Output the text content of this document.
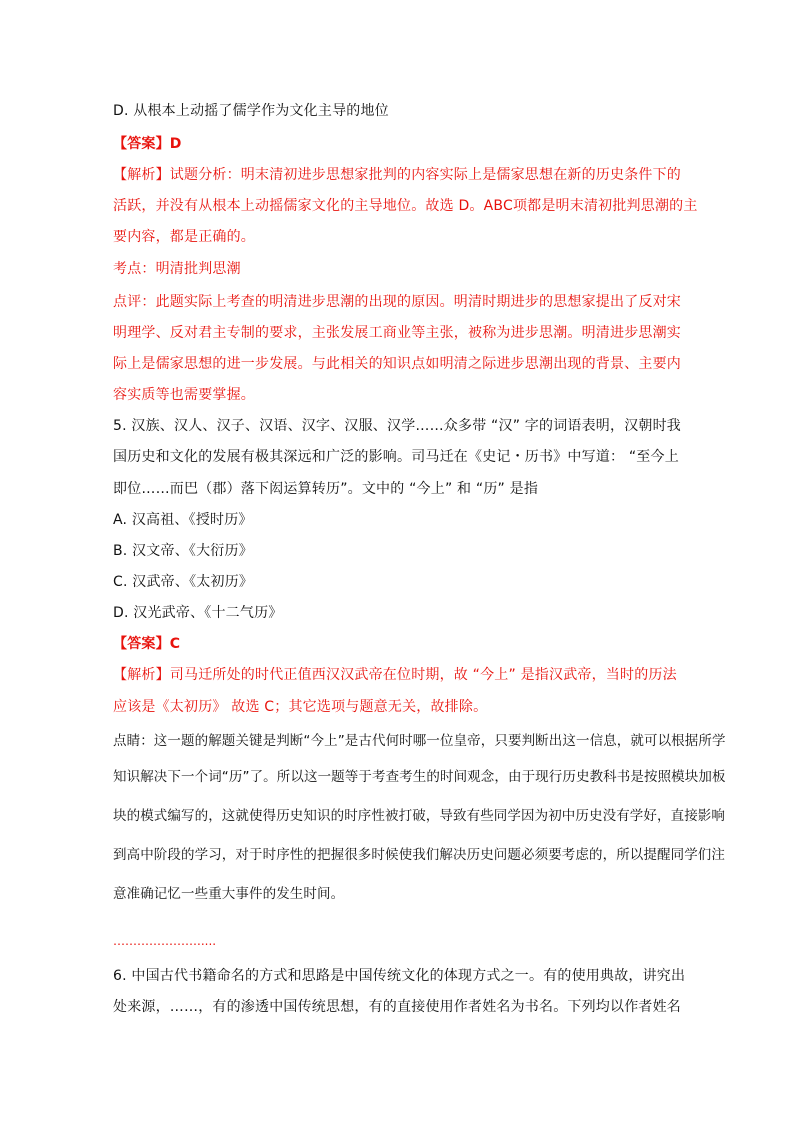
D. 从根本上动摇了儒学作为文化主导的地位
【答案】D
【解析】试题分析：明末清初进步思想家批判的内容实际上是儒家思想在新的历史条件下的
活跃，并没有从根本上动摇儒家文化的主导地位。故选 D。ABC项都是明末清初批判思潮的主
要内容，都是正确的。
考点：明清批判思潮
点评：此题实际上考查的明清进步思潮的出现的原因。明清时期进步的思想家提出了反对宋
明理学、反对君主专制的要求，主张发展工商业等主张，被称为进步思潮。明清进步思潮实
际上是儒家思想的进一步发展。与此相关的知识点如明清之际进步思潮出现的背景、主要内
容实质等也需要掌握。
5. 汉族、汉人、汉子、汉语、汉字、汉服、汉学……众多带 “汉” 字的词语表明，汉朝时我
国历史和文化的发展有极其深远和广泛的影响。司马迁在《史记・历书》中写道： “至今上
即位……而巴（郡）落下闳运算转历”。文中的 “今上” 和 “历” 是指
A. 汉高祖、《授时历》
B. 汉文帝、《大衍历》
C. 汉武帝、《太初历》
D. 汉光武帝、《十二气历》
【答案】C
【解析】司马迁所处的时代正值西汉汉武帝在位时期，故 “今上” 是指汉武帝，当时的历法
应该是《太初历》 故选 C；其它选项与题意无关，故排除。
点睛：这一题的解题关键是判断“今上”是古代何时哪一位皇帝，只要判断出这一信息，就可以根据所学
知识解决下一个词“历”了。所以这一题等于考查考生的时间观念，由于现行历史教科书是按照模块加板
块的模式编写的，这就使得历史知识的时序性被打破，导致有些同学因为初中历史没有学好，直接影响
到高中阶段的学习，对于时序性的把握很多时候使我们解决历史问题必须要考虑的，所以提醒同学们注
意准确记忆一些重大事件的发生时间。
………………….....
6. 中国古代书籍命名的方式和思路是中国传统文化的体现方式之一。有的使用典故，讲究出
处来源，……，有的渗透中国传统思想，有的直接使用作者姓名为书名。下列均以作者姓名
